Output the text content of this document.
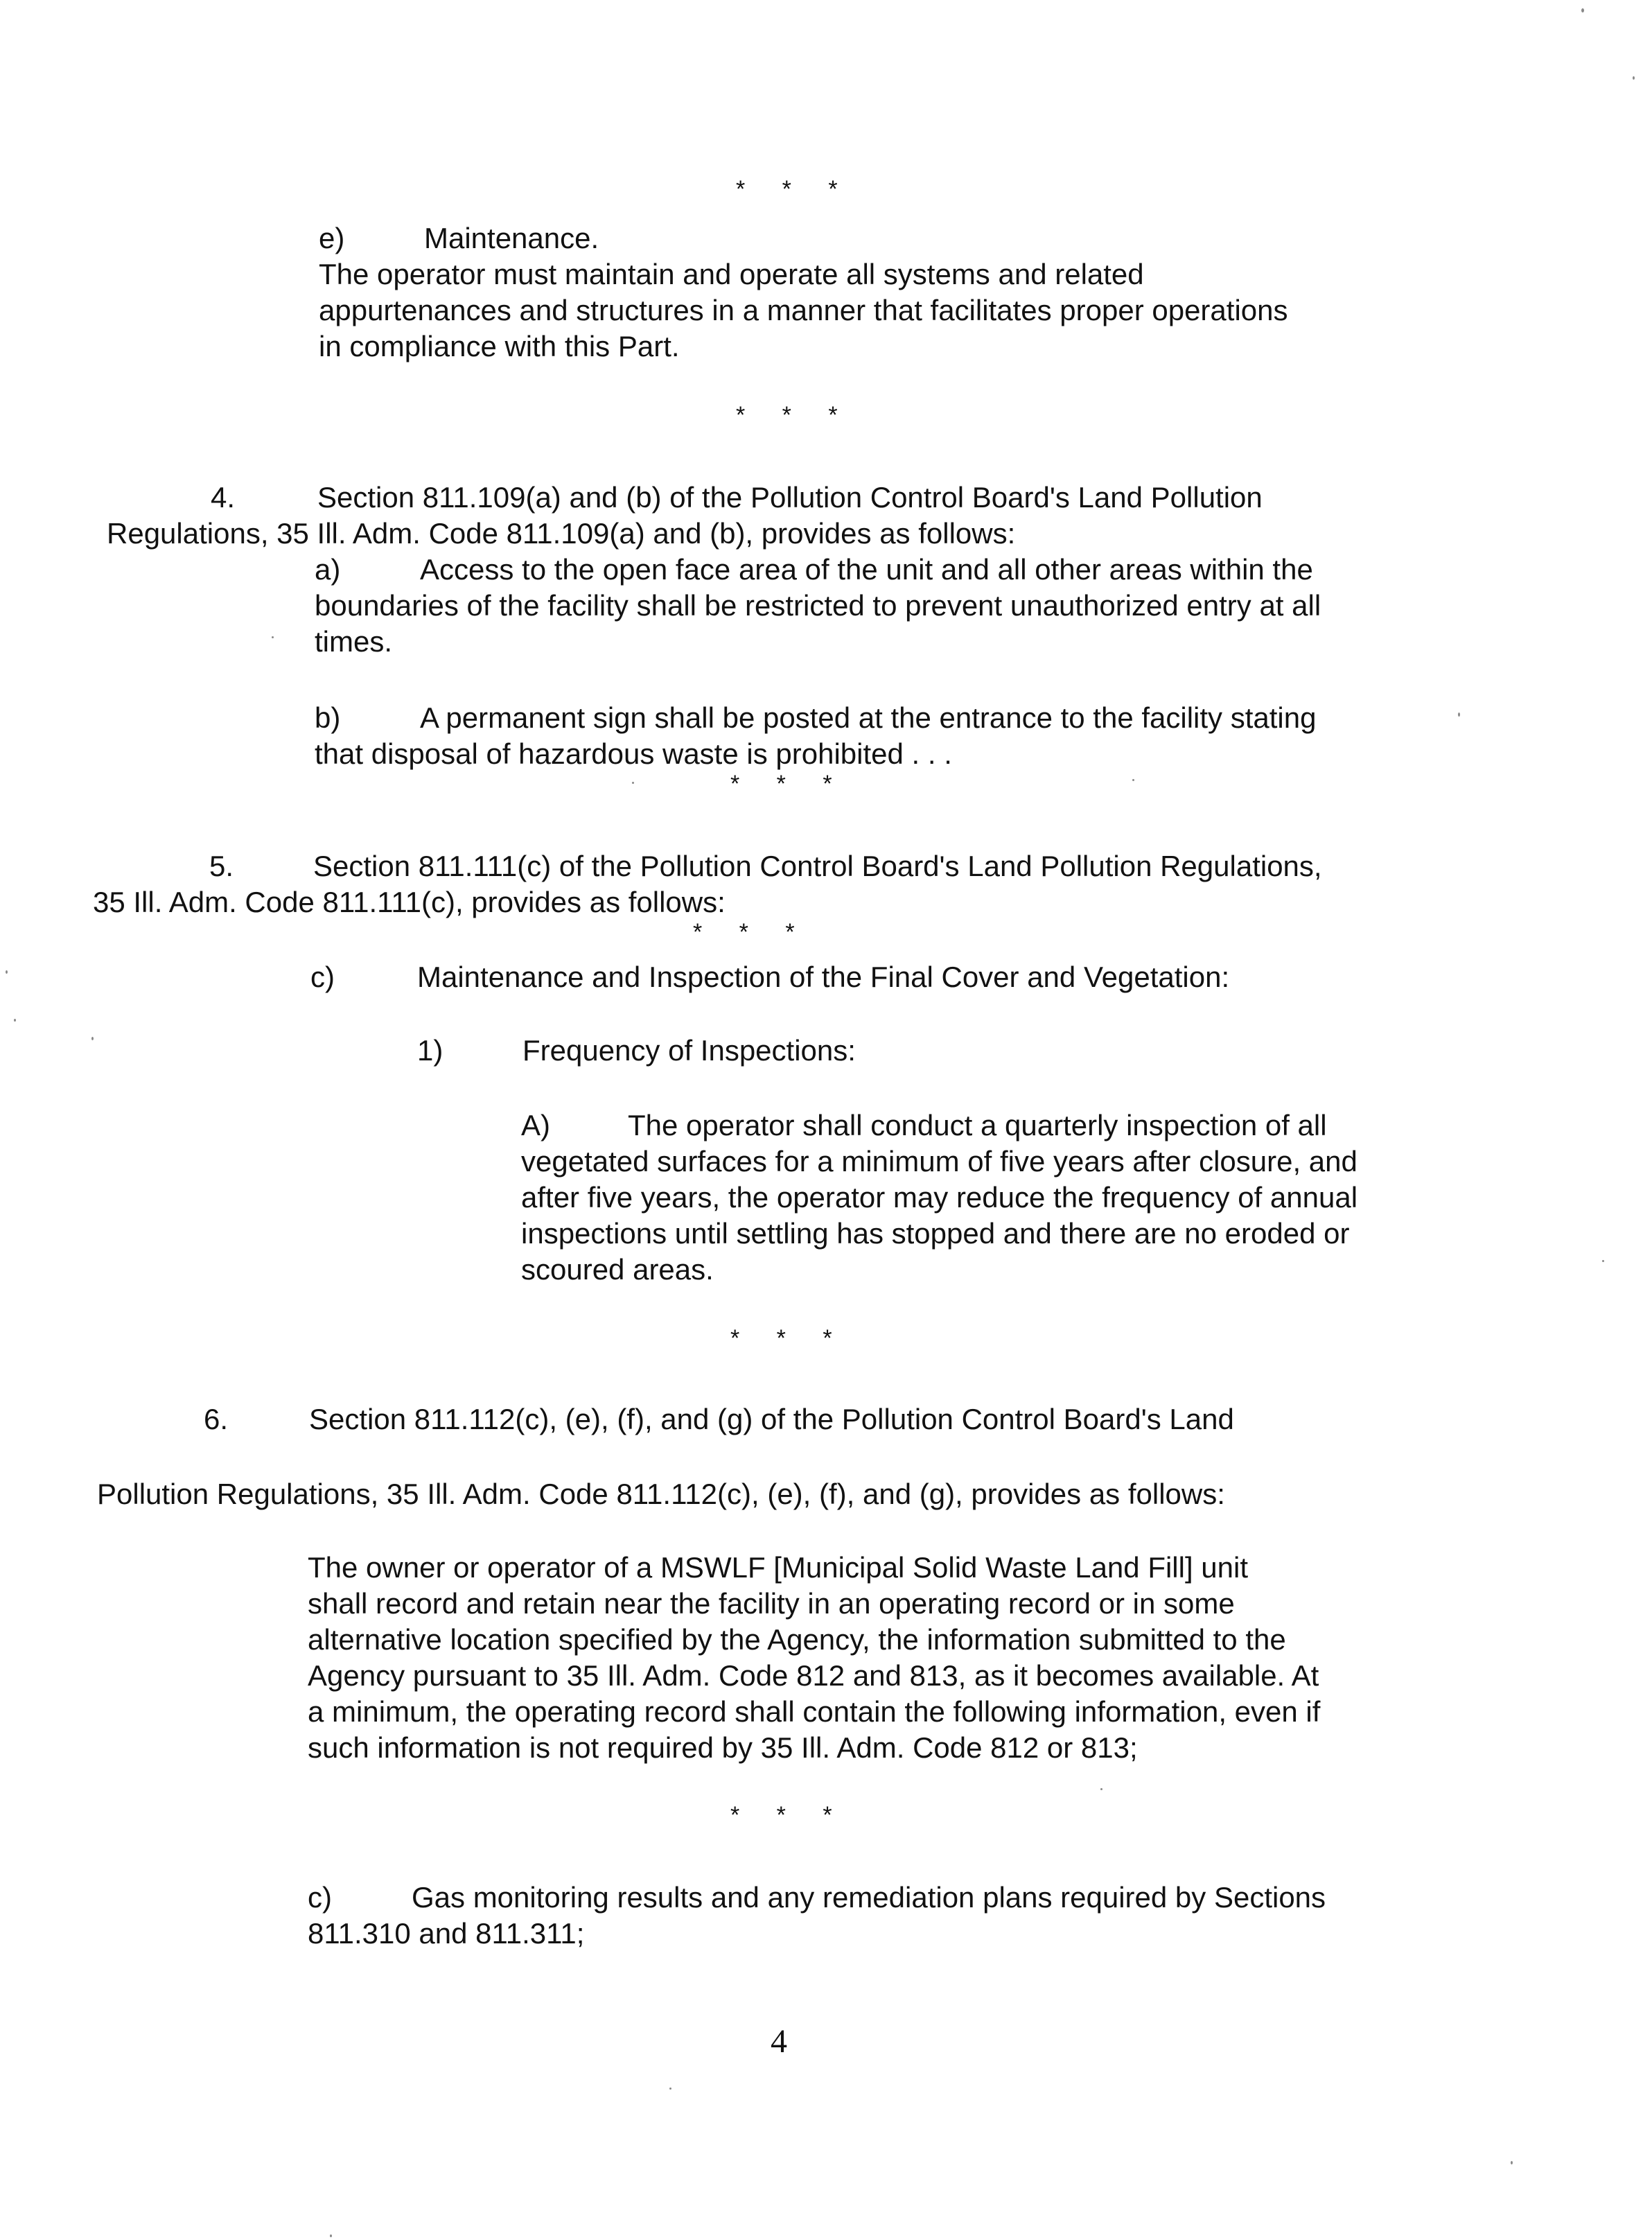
* * *
e)	Maintenance.
The operator must maintain and operate all systems and related
appurtenances and structures in a manner that facilitates proper operations
in compliance with this Part.
* * *
4.	Section 811.109(a) and (b) of the Pollution Control Board's Land Pollution
Regulations, 35 Ill. Adm. Code 811.109(a) and (b), provides as follows:
a)	Access to the open face area of the unit and all other areas within the
boundaries of the facility shall be restricted to prevent unauthorized entry at all
times.
b)	A permanent sign shall be posted at the entrance to the facility stating
that disposal of hazardous waste is prohibited . . .
* * *
5.	Section 811.111(c) of the Pollution Control Board's Land Pollution Regulations,
35 Ill. Adm. Code 811.111(c), provides as follows:
* * *
c)	Maintenance and Inspection of the Final Cover and Vegetation:
1)	Frequency of Inspections:
A)	The operator shall conduct a quarterly inspection of all
vegetated surfaces for a minimum of five years after closure, and
after five years, the operator may reduce the frequency of annual
inspections until settling has stopped and there are no eroded or
scoured areas.
* * *
6.	Section 811.112(c), (e), (f), and (g) of the Pollution Control Board's Land
Pollution Regulations, 35 Ill. Adm. Code 811.112(c), (e), (f), and (g), provides as follows:
The owner or operator of a MSWLF [Municipal Solid Waste Land Fill] unit
shall record and retain near the facility in an operating record or in some
alternative location specified by the Agency, the information submitted to the
Agency pursuant to 35 Ill. Adm. Code 812 and 813, as it becomes available. At
a minimum, the operating record shall contain the following information, even if
such information is not required by 35 Ill. Adm. Code 812 or 813;
* * *
c)	Gas monitoring results and any remediation plans required by Sections
811.310 and 811.311;
4
